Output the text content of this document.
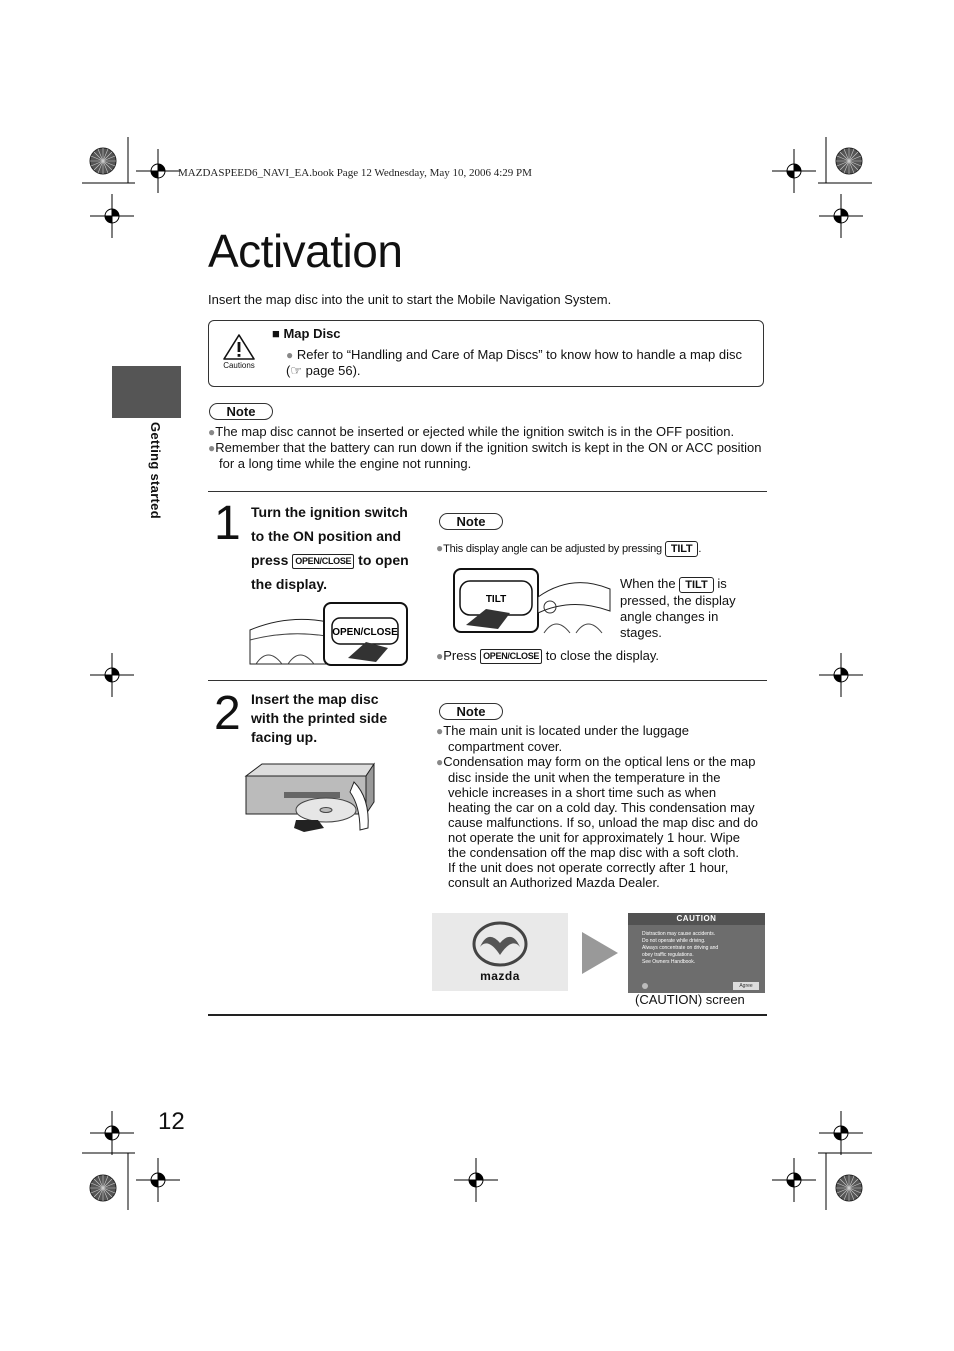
MAZDASPEED6_NAVI_EA.book Page 12 Wednesday, May 10, 2006 4:29 PM
Activation
Insert the map disc into the unit to start the Mobile Navigation System.
Getting started
Cautions
■ Map Disc
● Refer to “Handling and Care of Map Discs” to know how to handle a map disc (☞ page 56).
Note
●The map disc cannot be inserted or ejected while the ignition switch is in the OFF position.
●Remember that the battery can run down if the ignition switch is kept in the ON or ACC position for a long time while the engine not running.
1 Turn the ignition switch
to the ON position and
press OPEN/CLOSE to open
the display.
OPEN/CLOSE
Note
●This display angle can be adjusted by pressing TILT .
TILT
When the TILT is pressed, the display angle changes in stages.
●Press OPEN/CLOSE to close the display.
2 Insert the map disc
with the printed side
facing up.
Note
●The main unit is located under the luggage compartment cover.
●Condensation may form on the optical lens or the map disc inside the unit when the temperature in the vehicle increases in a short time such as when heating the car on a cold day. This condensation may cause malfunctions. If so, unload the map disc and do not operate the unit for approximately 1 hour. Wipe the condensation off the map disc with a soft cloth.
If the unit does not operate correctly after 1 hour, consult an Authorized Mazda Dealer.
mazda
CAUTION
Distraction may cause accidents.
Do not operate while driving.
Always concentrate on driving and
obey traffic regulations.
See Owners Handbook.
Agree
(CAUTION) screen
12
